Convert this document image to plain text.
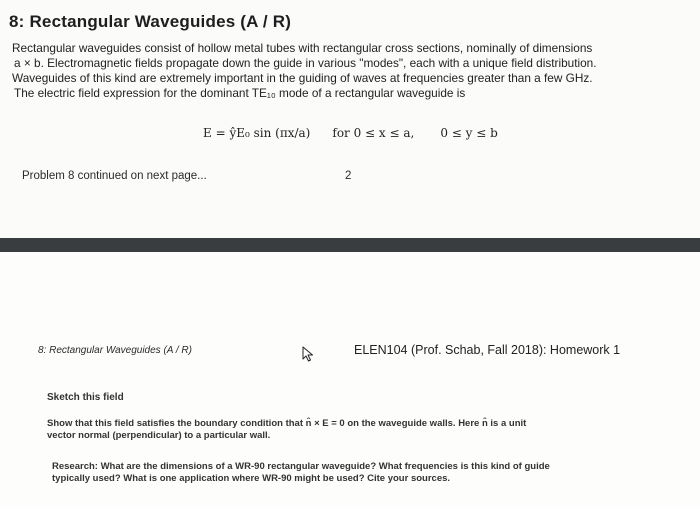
8: Rectangular Waveguides (A / R)
Rectangular waveguides consist of hollow metal tubes with rectangular cross sections, nominally of dimensions
a × b. Electromagnetic fields propagate down the guide in various "modes", each with a unique field distribution.
Waveguides of this kind are extremely important in the guiding of waves at frequencies greater than a few GHz.
The electric field expression for the dominant TE₁₀ mode of a rectangular waveguide is
E = ŷE₀ sin (πx/a) for 0 ≤ x ≤ a, 0 ≤ y ≤ b
Problem 8 continued on next page...	2
8: Rectangular Waveguides (A / R)	ELEN104 (Prof. Schab, Fall 2018): Homework 1
Sketch this field
Show that this field satisfies the boundary condition that n̂ × E = 0 on the waveguide walls. Here n̂ is a unit
vector normal (perpendicular) to a particular wall.
Research: What are the dimensions of a WR-90 rectangular waveguide? What frequencies is this kind of guide
typically used? What is one application where WR-90 might be used? Cite your sources.
